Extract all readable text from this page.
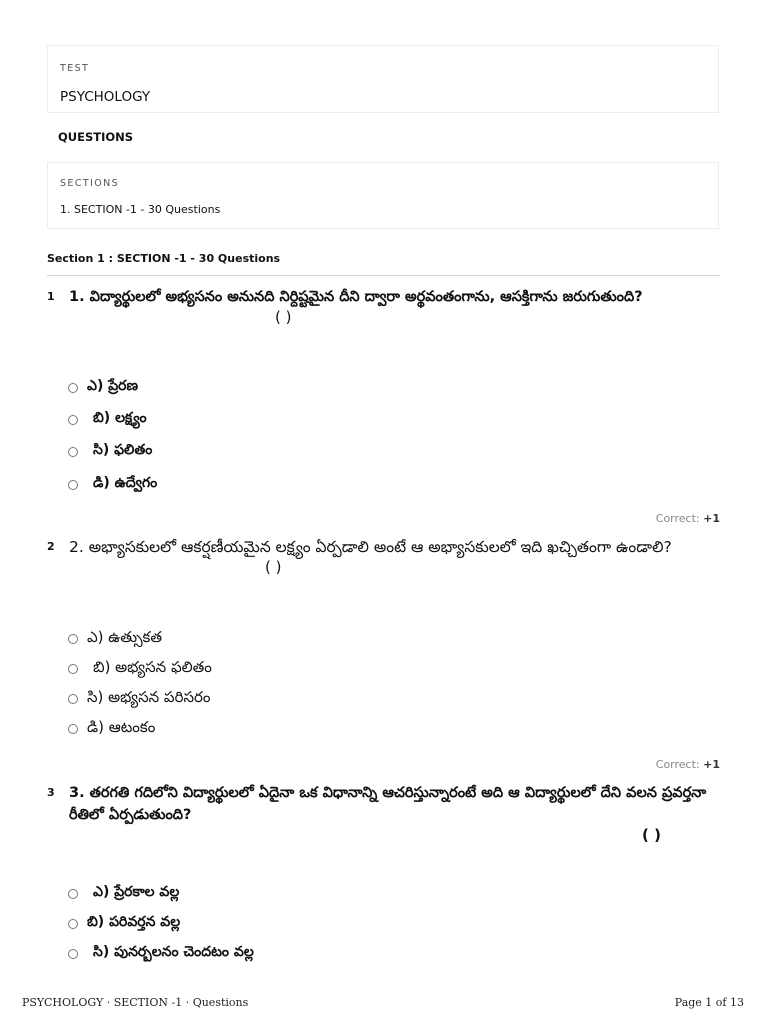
TEST
PSYCHOLOGY
QUESTIONS
SECTIONS
1. SECTION -1 - 30 Questions
Section 1 : SECTION -1 - 30 Questions
1 1. విద్యార్థులలో అభ్యసనం అనునది నిర్దిష్టమైన దీని ద్వారా అర్థవంతంగాను, ఆసక్తిగాను జరుగుతుంది?
( )
ఎ) ప్రేరణ
బి) లక్ష్యం
సి) ఫలితం
డి) ఉద్వేగం
Correct: +1
2 2. అభ్యాసకులలో ఆకర్షణీయమైన లక్ష్యం ఏర్పడాలి అంటే ఆ అభ్యాసకులలో ఇది ఖచ్చితంగా ఉండాలి?
( )
ఎ) ఉత్సుకత
బి) అభ్యసన ఫలితం
సి) అభ్యసన పరిసరం
డి) ఆటంకం
Correct: +1
3 3. తరగతి గదిలోని విద్యార్థులలో ఏదైనా ఒక విధానాన్ని ఆచరిస్తున్నారంటే అది ఆ విద్యార్థులలో దేని వలన ప్రవర్తనా రీతిలో ఏర్పడుతుంది?
( )
ఎ) ప్రేరకాల వల్ల
బి) పరివర్తన వల్ల
సి) పునర్బలనం చెందటం వల్ల
PSYCHOLOGY · SECTION -1 · Questions	Page 1 of 13
